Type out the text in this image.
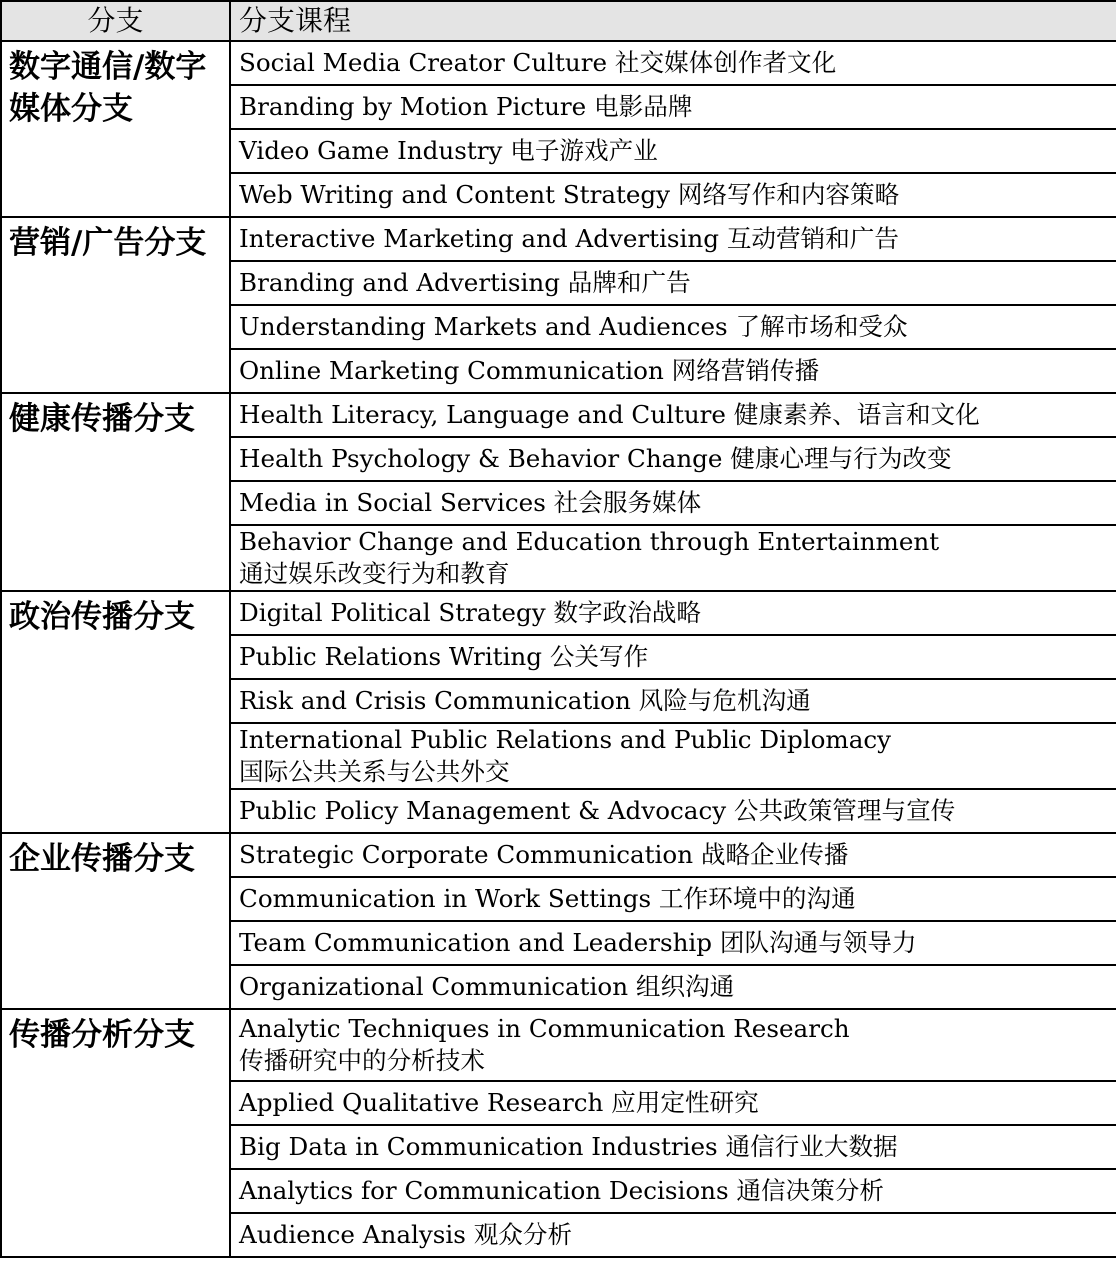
分支	分支课程
数字通信/数字媒体分支	Social Media Creator Culture 社交媒体创作者文化
	Branding by Motion Picture 电影品牌
	Video Game Industry 电子游戏产业
	Web Writing and Content Strategy 网络写作和内容策略
营销/广告分支	Interactive Marketing and Advertising 互动营销和广告
	Branding and Advertising 品牌和广告
	Understanding Markets and Audiences 了解市场和受众
	Online Marketing Communication 网络营销传播
健康传播分支	Health Literacy, Language and Culture 健康素养、语言和文化
	Health Psychology & Behavior Change 健康心理与行为改变
	Media in Social Services 社会服务媒体

	Behavior Change and Education through Entertainment
通过娱乐改变行为和教育

政治传播分支	Digital Political Strategy 数字政治战略
	Public Relations Writing 公关写作
	Risk and Crisis Communication 风险与危机沟通

	International Public Relations and Public Diplomacy
国际公共关系与公共外交

	Public Policy Management & Advocacy 公共政策管理与宣传
企业传播分支	Strategic Corporate Communication 战略企业传播
	Communication in Work Settings 工作环境中的沟通
	Team Communication and Leadership 团队沟通与领导力
	Organizational Communication 组织沟通
传播分析分支	Analytic Techniques in Communication Research
传播研究中的分析技术

	Applied Qualitative Research 应用定性研究
	Big Data in Communication Industries 通信行业大数据
	Analytics for Communication Decisions 通信决策分析
	Audience Analysis 观众分析
